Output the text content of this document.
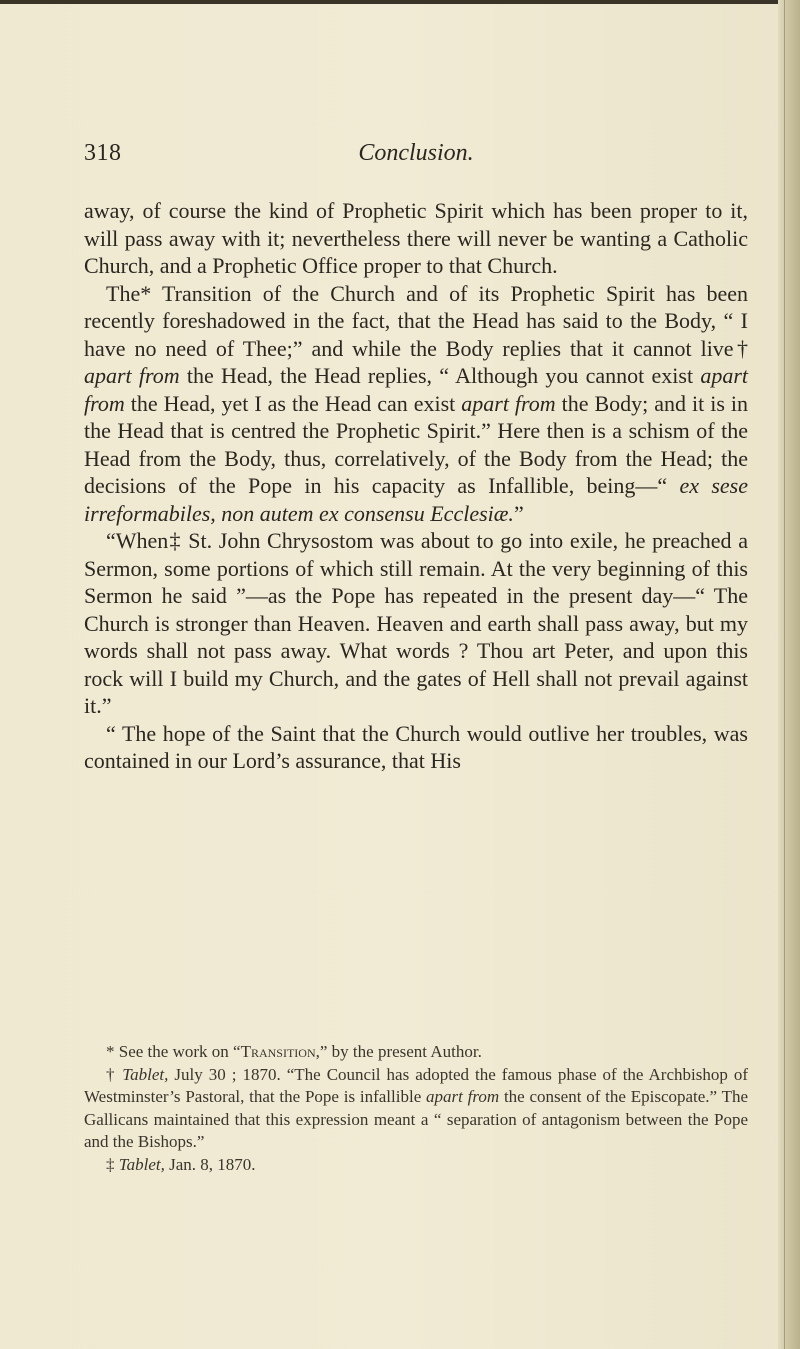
318	Conclusion.

away, of course the kind of Prophetic Spirit which has been proper to it, will pass away with it; nevertheless there will never be wanting a Catholic Church, and a Prophetic Office proper to that Church.

The* Transition of the Church and of its Prophetic Spirit has been recently foreshadowed in the fact, that the Head has said to the Body, “ I have no need of Thee;” and while the Body replies that it cannot live† apart from the Head, the Head replies, “ Although you cannot exist apart from the Head, yet I as the Head can exist apart from the Body; and it is in the Head that is centred the Prophetic Spirit.” Here then is a schism of the Head from the Body, thus, correlatively, of the Body from the Head; the decisions of the Pope in his capacity as Infallible, being—“ ex sese irreformabiles, non autem ex consensu Ecclesiæ.”

“When‡ St. John Chrysostom was about to go into exile, he preached a Sermon, some portions of which still remain. At the very beginning of this Sermon he said ”—as the Pope has repeated in the present day—“ The Church is stronger than Heaven. Heaven and earth shall pass away, but my words shall not pass away. What words ? Thou art Peter, and upon this rock will I build my Church, and the gates of Hell shall not prevail against it.”

“ The hope of the Saint that the Church would outlive her troubles, was contained in our Lord’s assurance, that His

* See the work on “Transition,” by the present Author.

† Tablet, July 30 ; 1870. “The Council has adopted the famous phase of the Archbishop of Westminster’s Pastoral, that the Pope is infallible apart from the consent of the Episcopate.” The Gallicans maintained that this expression meant a “ separation of antagonism between the Pope and the Bishops.”

‡ Tablet, Jan. 8, 1870.
